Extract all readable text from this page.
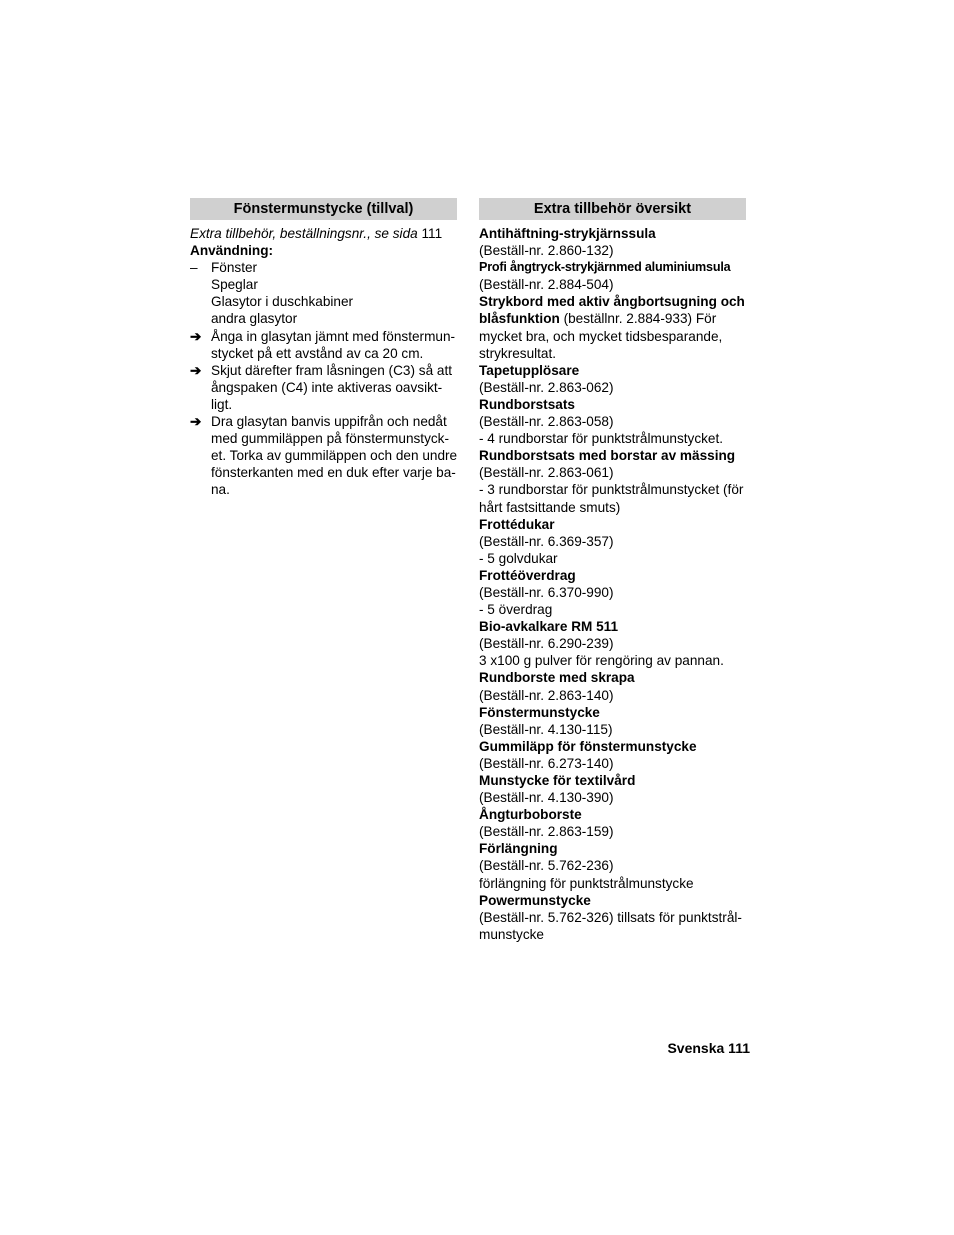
Fönstermunstycke (tillval)
Extra tillbehör, beställningsnr., se sida 111
Användning:
– Fönster
Speglar
Glasytor i duschkabiner
andra glasytor
➔ Ånga in glasytan jämnt med fönstermun-
stycket på ett avstånd av ca 20 cm.
➔ Skjut därefter fram låsningen (C3) så att
ångspaken (C4) inte aktiveras oavsikt-
ligt.
➔ Dra glasytan banvis uppifrån och nedåt
med gummiläppen på fönstermunstyck-
et. Torka av gummiläppen och den undre
fönsterkanten med en duk efter varje ba-
na.
Extra tillbehör översikt
Antihäftning-strykjärnssula
(Beställ-nr. 2.860-132)
Profi ångtryck-strykjärnmed aluminiumsula
(Beställ-nr. 2.884-504)
Strykbord med aktiv ångbortsugning och
blåsfunktion (beställnr. 2.884-933) För
mycket bra, och mycket tidsbesparande,
strykresultat.
Tapetupplösare
(Beställ-nr. 2.863-062)
Rundborstsats
(Beställ-nr. 2.863-058)
- 4 rundborstar för punktstrålmunstycket.
Rundborstsats med borstar av mässing
(Beställ-nr. 2.863-061)
- 3 rundborstar för punktstrålmunstycket (för
hårt fastsittande smuts)
Frottédukar
(Beställ-nr. 6.369-357)
- 5 golvdukar
Frottéöverdrag
(Beställ-nr. 6.370-990)
- 5 överdrag
Bio-avkalkare RM 511
(Beställ-nr. 6.290-239)
3 x100 g pulver för rengöring av pannan.
Rundborste med skrapa
(Beställ-nr. 2.863-140)
Fönstermunstycke
(Beställ-nr. 4.130-115)
Gummiläpp för fönstermunstycke
(Beställ-nr. 6.273-140)
Munstycke för textilvård
(Beställ-nr. 4.130-390)
Ångturboborste
(Beställ-nr. 2.863-159)
Förlängning
(Beställ-nr. 5.762-236)
förlängning för punktstrålmunstycke
Powermunstycke
(Beställ-nr. 5.762-326) tillsats för punktstrål-
munstycke
Svenska 111
